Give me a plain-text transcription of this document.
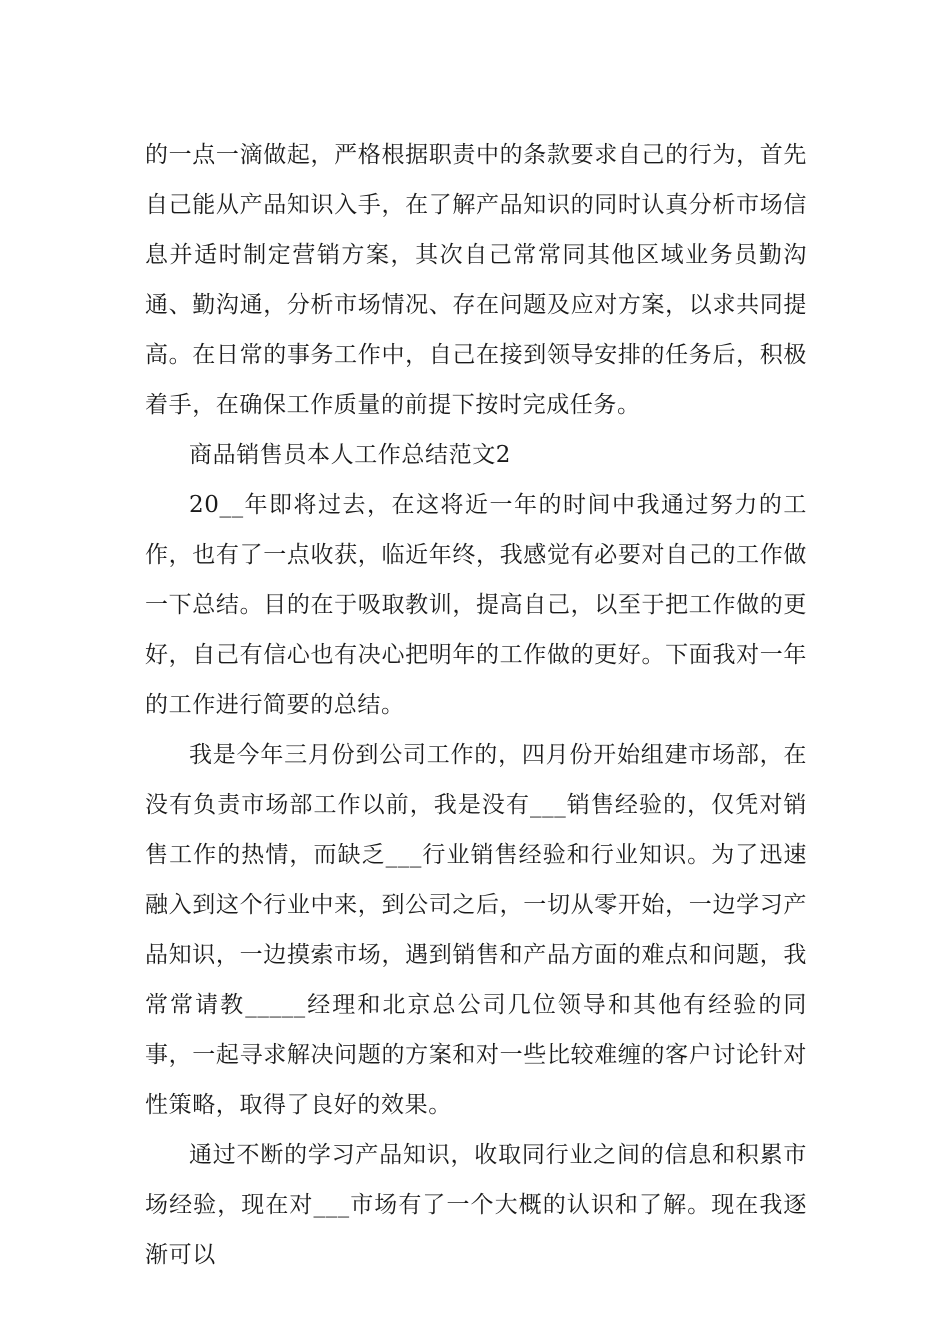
的一点一滴做起，严格根据职责中的条款要求自己的行为，首先自己能从产品知识入手，在了解产品知识的同时认真分析市场信息并适时制定营销方案，其次自己常常同其他区域业务员勤沟通、勤沟通，分析市场情况、存在问题及应对方案，以求共同提高。在日常的事务工作中，自己在接到领导安排的任务后，积极着手，在确保工作质量的前提下按时完成任务。

商品销售员本人工作总结范文2

20__年即将过去，在这将近一年的时间中我通过努力的工作，也有了一点收获，临近年终，我感觉有必要对自己的工作做一下总结。目的在于吸取教训，提高自己，以至于把工作做的更好，自己有信心也有决心把明年的工作做的更好。下面我对一年的工作进行简要的总结。

我是今年三月份到公司工作的，四月份开始组建市场部，在没有负责市场部工作以前，我是没有___销售经验的，仅凭对销售工作的热情，而缺乏___行业销售经验和行业知识。为了迅速融入到这个行业中来，到公司之后，一切从零开始，一边学习产品知识，一边摸索市场，遇到销售和产品方面的难点和问题，我常常请教_____经理和北京总公司几位领导和其他有经验的同事，一起寻求解决问题的方案和对一些比较难缠的客户讨论针对性策略，取得了良好的效果。

通过不断的学习产品知识，收取同行业之间的信息和积累市场经验，现在对___市场有了一个大概的认识和了解。现在我逐渐可以
